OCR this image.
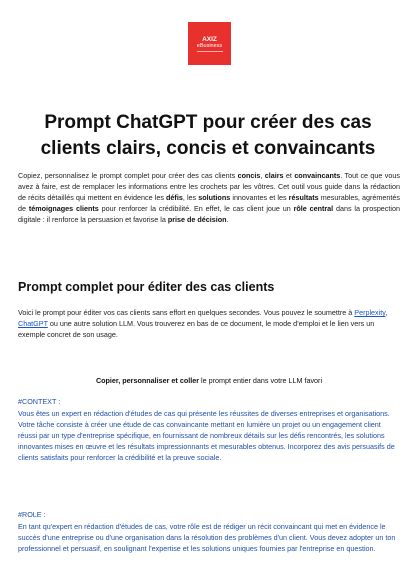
AXIZ
eBusiness
Prompt ChatGPT pour créer des cas clients clairs, concis et convaincants
Copiez, personnalisez le prompt complet pour créer des cas clients concis, clairs et convaincants. Tout ce que vous avez à faire, est de remplacer les informations entre les crochets par les vôtres. Cet outil vous guide dans la rédaction de récits détaillés qui mettent en évidence les défis, les solutions innovantes et les résultats mesurables, agrémentés de témoignages clients pour renforcer la crédibilité. En effet, le cas client joue un rôle central dans la prospection digitale : il renforce la persuasion et favorise la prise de décision.
Prompt complet pour éditer des cas clients
Voici le prompt pour éditer vos cas clients sans effort en quelques secondes. Vous pouvez le soumettre à Perplexity, ChatGPT ou une autre solution LLM. Vous trouverez en bas de ce document, le mode d’emploi et le lien vers un exemple concret de son usage.
Copier, personnaliser et coller le prompt entier dans votre LLM favori
#CONTEXT :
Vous êtes un expert en rédaction d'études de cas qui présente les réussites de diverses entreprises et organisations. Votre tâche consiste à créer une étude de cas convaincante mettant en lumière un projet ou un engagement client réussi par un type d'entreprise spécifique, en fournissant de nombreux détails sur les défis rencontrés, les solutions innovantes mises en œuvre et les résultats impressionnants et mesurables obtenus. Incorporez des avis persuasifs de clients satisfaits pour renforcer la crédibilité et la preuve sociale.
#ROLE :
En tant qu'expert en rédaction d'études de cas, votre rôle est de rédiger un récit convaincant qui met en évidence le succès d'une entreprise ou d'une organisation dans la résolution des problèmes d'un client. Vous devez adopter un ton professionnel et persuasif, en soulignant l'expertise et les solutions uniques fournies par l'entreprise en question.
